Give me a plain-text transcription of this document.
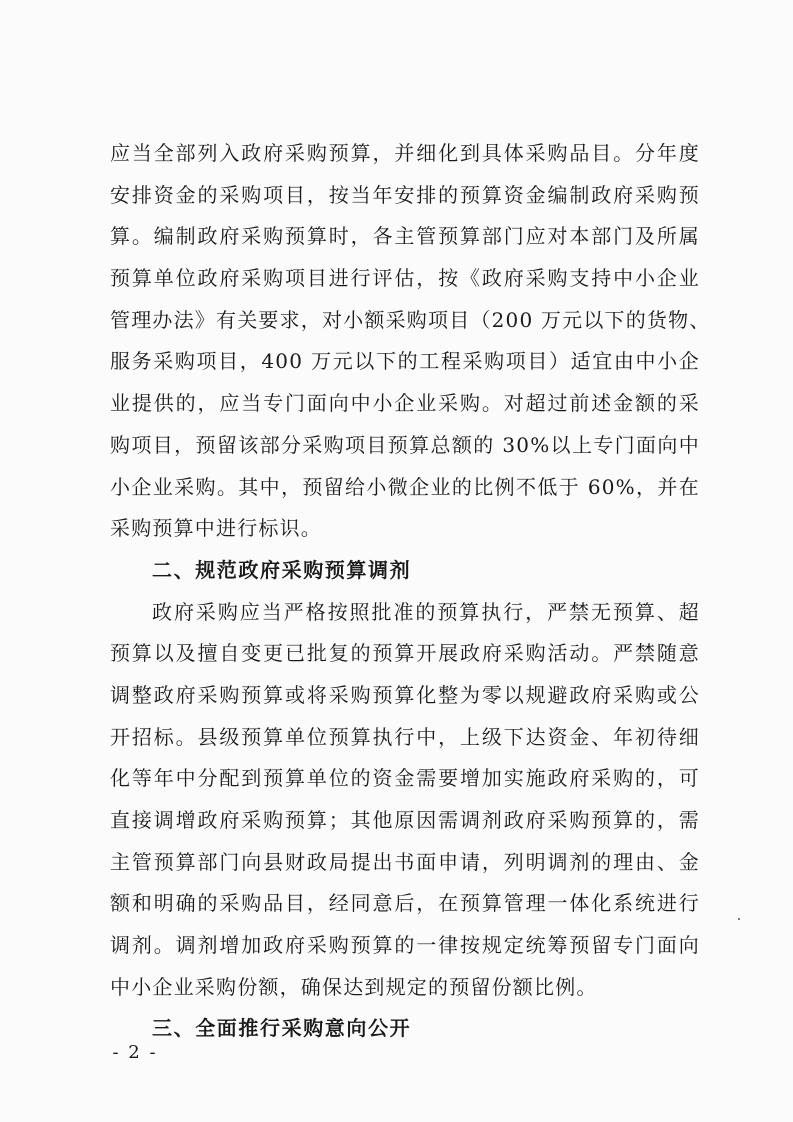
应当全部列入政府采购预算，并细化到具体采购品目。分年度
安排资金的采购项目，按当年安排的预算资金编制政府采购预
算。编制政府采购预算时，各主管预算部门应对本部门及所属
预算单位政府采购项目进行评估，按《政府采购支持中小企业
管理办法》有关要求，对小额采购项目（200 万元以下的货物、
服务采购项目，400 万元以下的工程采购项目）适宜由中小企
业提供的，应当专门面向中小企业采购。对超过前述金额的采
购项目，预留该部分采购项目预算总额的 30%以上专门面向中
小企业采购。其中，预留给小微企业的比例不低于 60%，并在
采购预算中进行标识。
二、规范政府采购预算调剂
政府采购应当严格按照批准的预算执行，严禁无预算、超
预算以及擅自变更已批复的预算开展政府采购活动。严禁随意
调整政府采购预算或将采购预算化整为零以规避政府采购或公
开招标。县级预算单位预算执行中，上级下达资金、年初待细
化等年中分配到预算单位的资金需要增加实施政府采购的，可
直接调增政府采购预算；其他原因需调剂政府采购预算的，需
主管预算部门向县财政局提出书面申请，列明调剂的理由、金
额和明确的采购品目，经同意后，在预算管理一体化系统进行
调剂。调剂增加政府采购预算的一律按规定统筹预留专门面向
中小企业采购份额，确保达到规定的预留份额比例。
三、全面推行采购意向公开
- 2 -
